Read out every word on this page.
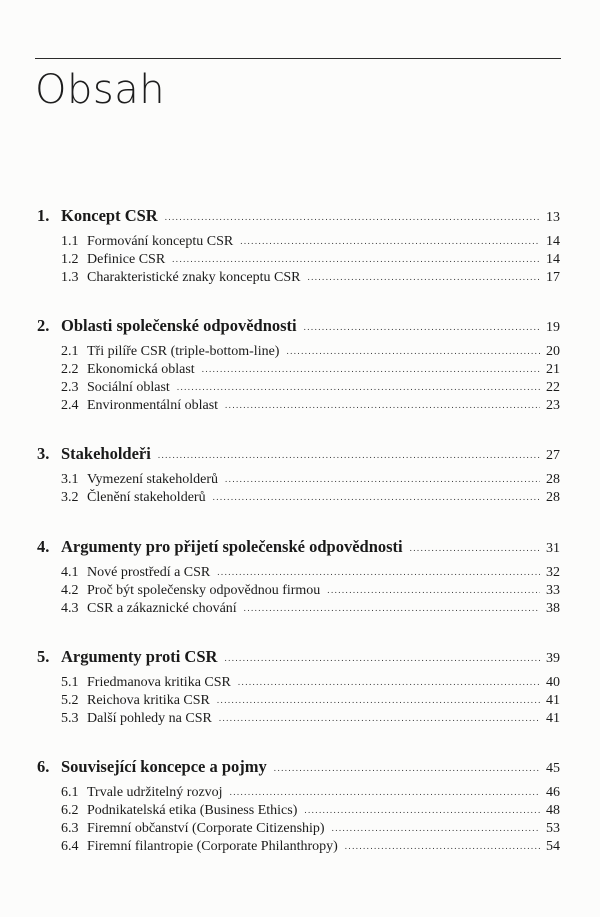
Obsah
1. Koncept CSR .....	13
1.1 Formování konceptu CSR .....	14
1.2 Definice CSR .....	14
1.3 Charakteristické znaky konceptu CSR .....	17
2. Oblasti společenské odpovědnosti .....	19
2.1 Tři pilíře CSR (triple-bottom-line) .....	20
2.2 Ekonomická oblast .....	21
2.3 Sociální oblast .....	22
2.4 Environmentální oblast .....	23
3. Stakeholdeři .....	27
3.1 Vymezení stakeholderů .....	28
3.2 Členění stakeholderů .....	28
4. Argumenty pro přijetí společenské odpovědnosti .....	31
4.1 Nové prostředí a CSR .....	32
4.2 Proč být společensky odpovědnou firmou .....	33
4.3 CSR a zákaznické chování .....	38
5. Argumenty proti CSR .....	39
5.1 Friedmanova kritika CSR .....	40
5.2 Reichova kritika CSR .....	41
5.3 Další pohledy na CSR .....	41
6. Související koncepce a pojmy .....	45
6.1 Trvale udržitelný rozvoj .....	46
6.2 Podnikatelská etika (Business Ethics) .....	48
6.3 Firemní občanství (Corporate Citizenship) .....	53
6.4 Firemní filantropie (Corporate Philanthropy) .....	54
